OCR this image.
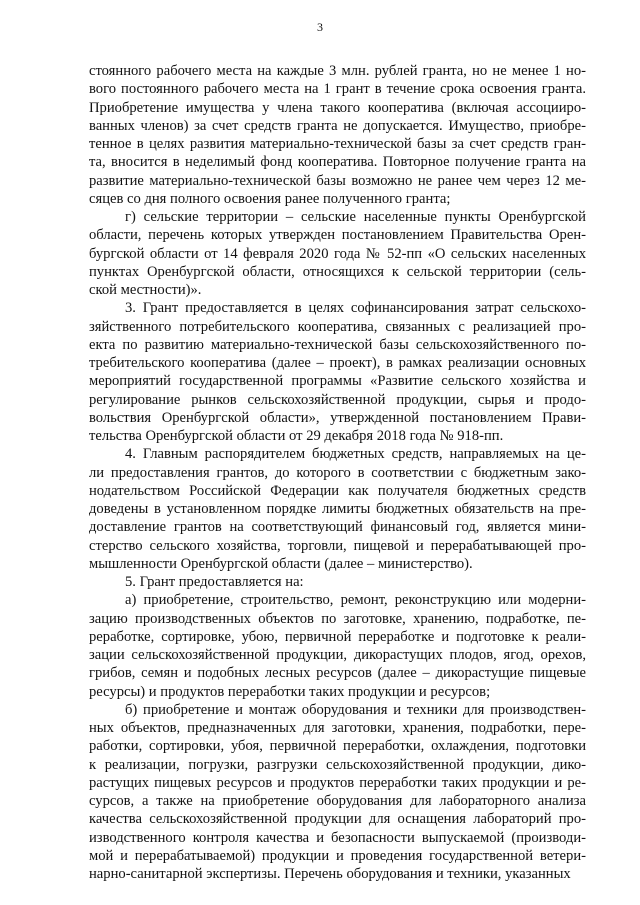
3
стоянного рабочего места на каждые 3 млн. рублей гранта, но не менее 1 но-
вого постоянного рабочего места на 1 грант в течение срока освоения гранта.
Приобретение имущества у члена такого кооператива (включая ассоцииро-
ванных членов) за счет средств гранта не допускается. Имущество, приобре-
тенное в целях развития материально-технической базы за счет средств гран-
та, вносится в неделимый фонд кооператива. Повторное получение гранта на
развитие материально-технической базы возможно не ранее чем через 12 ме-
сяцев со дня полного освоения ранее полученного гранта;
г) сельские территории – сельские населенные пункты Оренбургской
области, перечень которых утвержден постановлением Правительства Орен-
бургской области от 14 февраля 2020 года № 52-пп «О сельских населенных
пунктах Оренбургской области, относящихся к сельской территории (сель-
ской местности)».
3. Грант предоставляется в целях софинансирования затрат сельскохо-
зяйственного потребительского кооператива, связанных с реализацией про-
екта по развитию материально-технической базы сельскохозяйственного по-
требительского кооператива (далее – проект), в рамках реализации основных
мероприятий государственной программы «Развитие сельского хозяйства и
регулирование рынков сельскохозяйственной продукции, сырья и продо-
вольствия Оренбургской области», утвержденной постановлением Прави-
тельства Оренбургской области от 29 декабря 2018 года № 918-пп.
4. Главным распорядителем бюджетных средств, направляемых на це-
ли предоставления грантов, до которого в соответствии с бюджетным зако-
нодательством Российской Федерации как получателя бюджетных средств
доведены в установленном порядке лимиты бюджетных обязательств на пре-
доставление грантов на соответствующий финансовый год, является мини-
стерство сельского хозяйства, торговли, пищевой и перерабатывающей про-
мышленности Оренбургской области (далее – министерство).
5. Грант предоставляется на:
а) приобретение, строительство, ремонт, реконструкцию или модерни-
зацию производственных объектов по заготовке, хранению, подработке, пе-
реработке, сортировке, убою, первичной переработке и подготовке к реали-
зации сельскохозяйственной продукции, дикорастущих плодов, ягод, орехов,
грибов, семян и подобных лесных ресурсов (далее – дикорастущие пищевые
ресурсы) и продуктов переработки таких продукции и ресурсов;
б) приобретение и монтаж оборудования и техники для производствен-
ных объектов, предназначенных для заготовки, хранения, подработки, пере-
работки, сортировки, убоя, первичной переработки, охлаждения, подготовки
к реализации, погрузки, разгрузки сельскохозяйственной продукции, дико-
растущих пищевых ресурсов и продуктов переработки таких продукции и ре-
сурсов, а также на приобретение оборудования для лабораторного анализа
качества сельскохозяйственной продукции для оснащения лабораторий про-
изводственного контроля качества и безопасности выпускаемой (производи-
мой и перерабатываемой) продукции и проведения государственной ветери-
нарно-санитарной экспертизы. Перечень оборудования и техники, указанных
